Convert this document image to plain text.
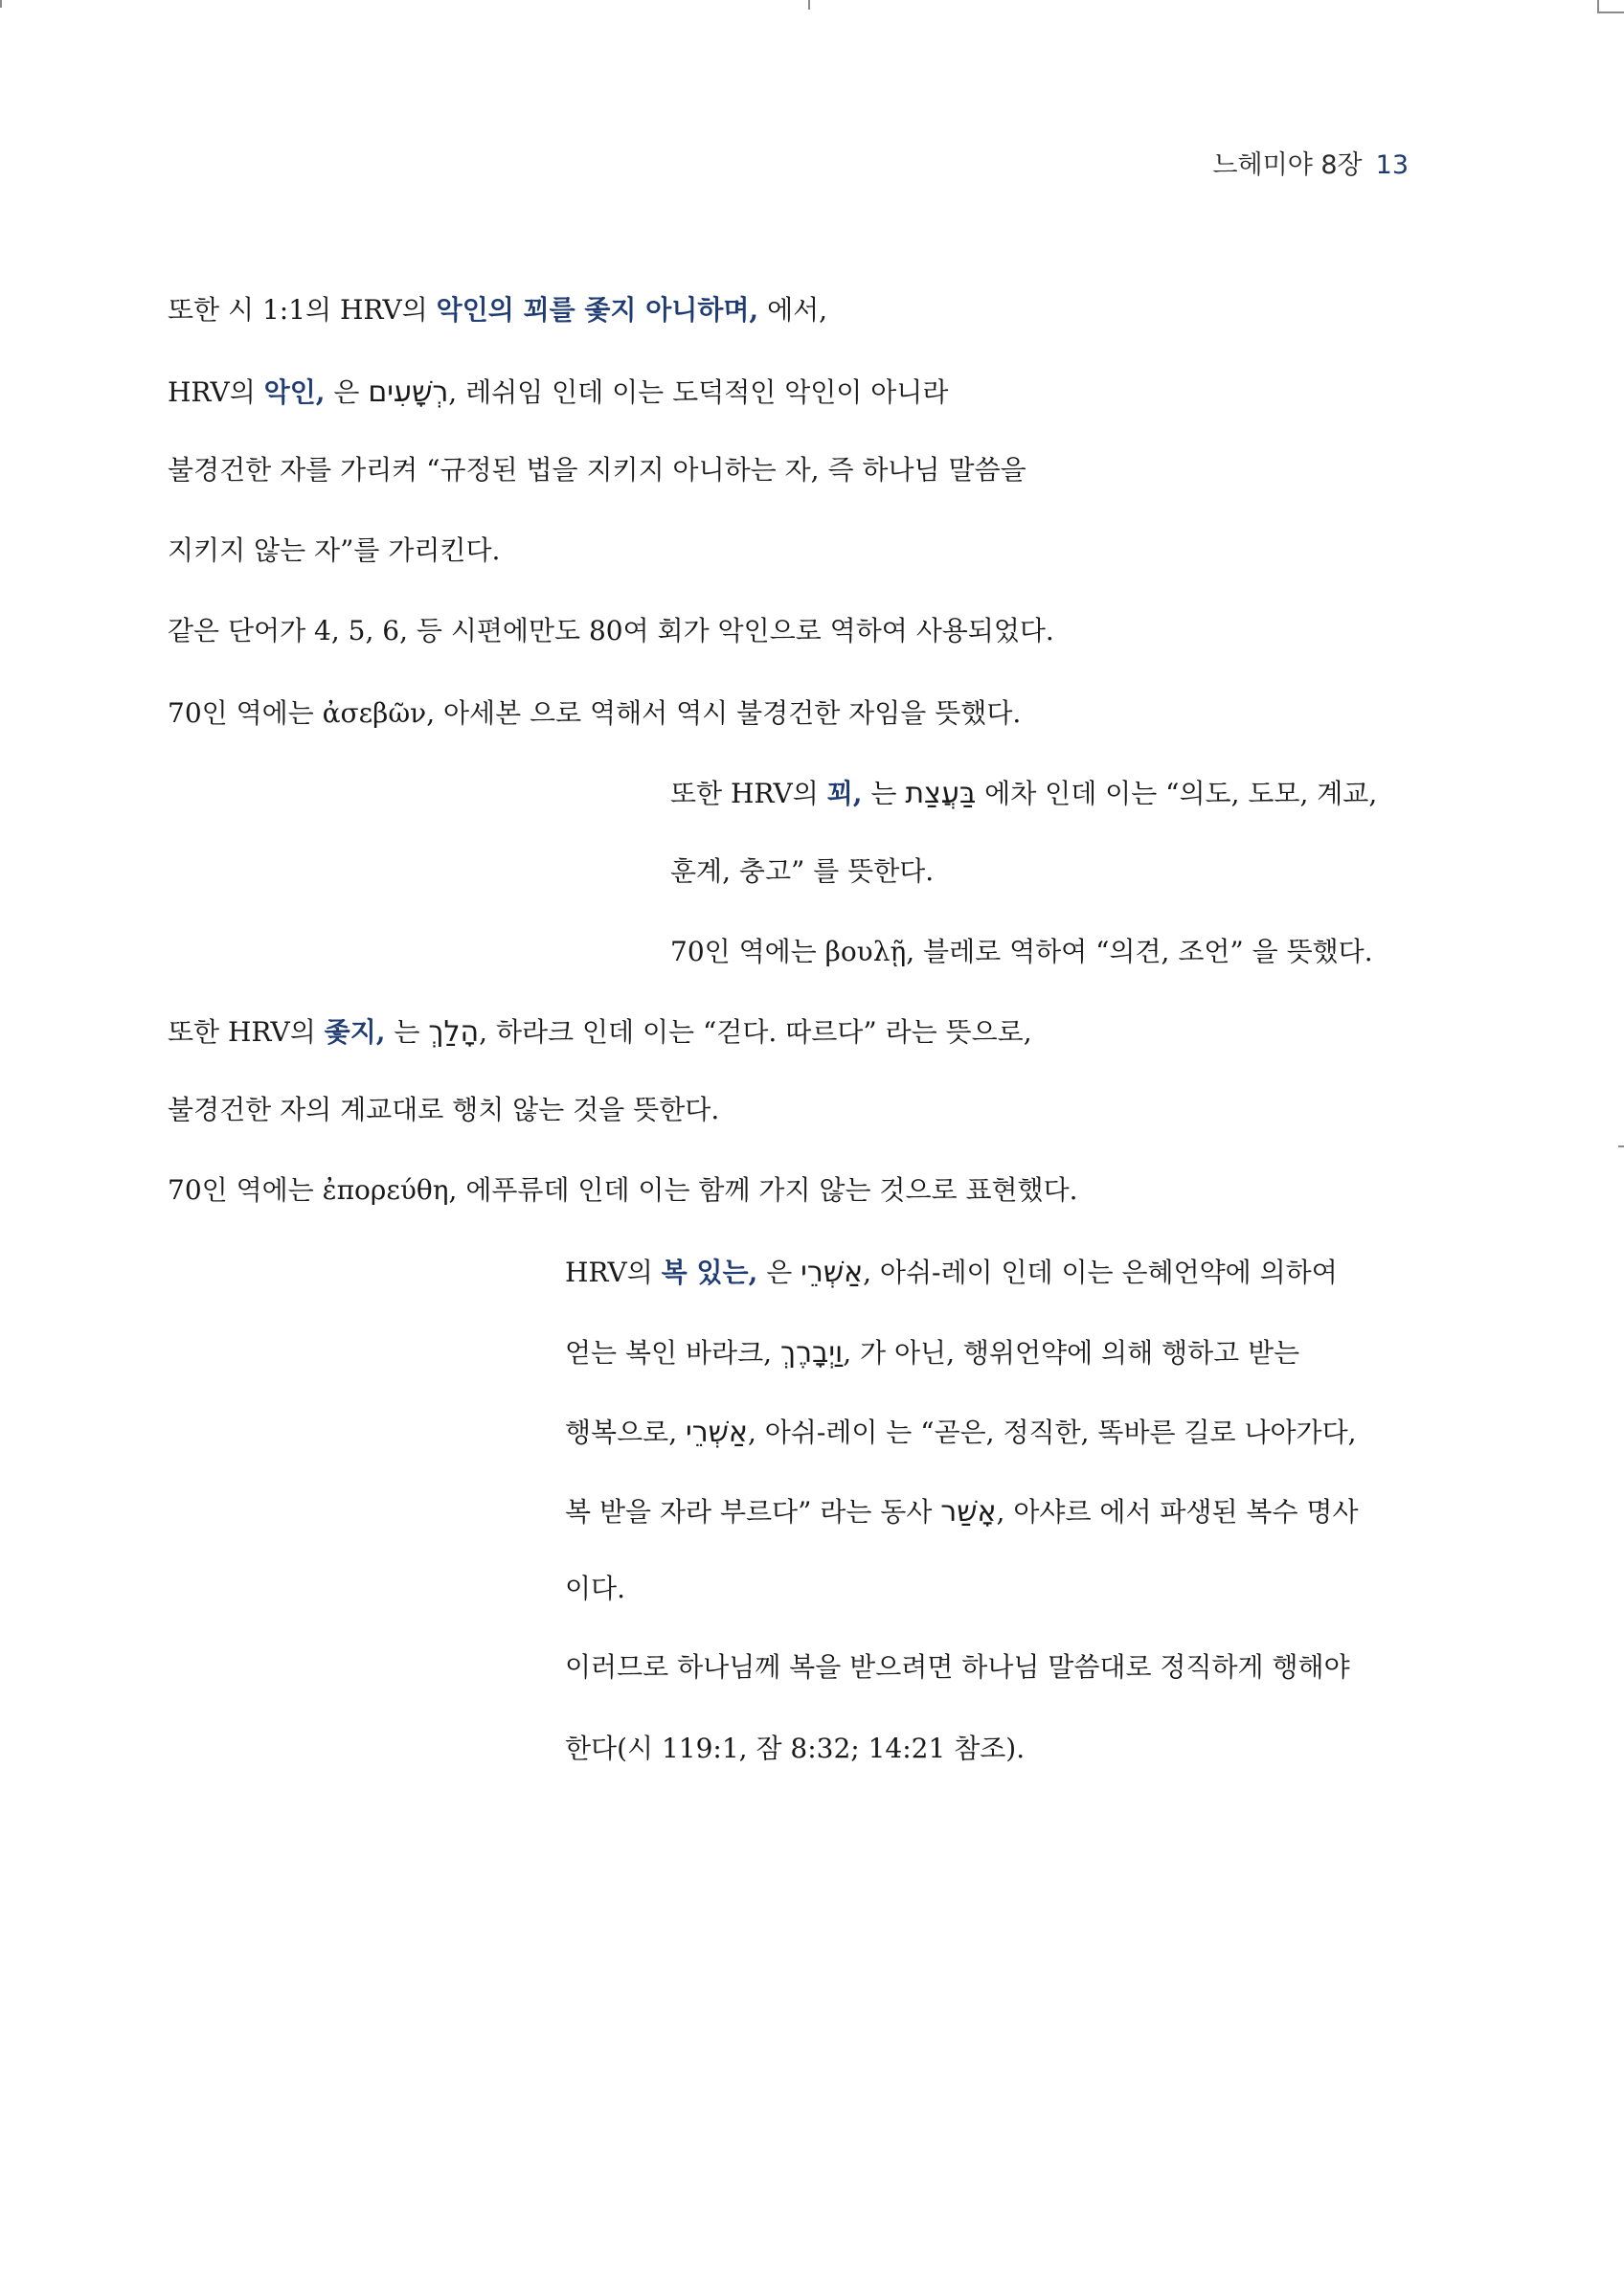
느헤미야 8장 13
또한 시 1:1의 HRV의 악인의 꾀를 좇지 아니하며, 에서,
HRV의 악인, 은 רְשָׁעִים, 레쉬임 인데 이는 도덕적인 악인이 아니라
불경건한 자를 가리켜 “규정된 법을 지키지 아니하는 자, 즉 하나님 말씀을
지키지 않는 자”를 가리킨다.
같은 단어가 4, 5, 6, 등 시편에만도 80여 회가 악인으로 역하여 사용되었다.
70인 역에는 ἀσεβῶν, 아세본 으로 역해서 역시 불경건한 자임을 뜻했다.
또한 HRV의 꾀, 는 בַּעֲצַת 에차 인데 이는 “의도, 도모, 계교,
훈계, 충고” 를 뜻한다.
70인 역에는 βουλῇ, 블레로 역하여 “의견, 조언” 을 뜻했다.
또한 HRV의 좇지, 는 הָלַךְ, 하라크 인데 이는 “걷다. 따르다” 라는 뜻으로,
불경건한 자의 계교대로 행치 않는 것을 뜻한다.
70인 역에는 ἐπορεύθη, 에푸류데 인데 이는 함께 가지 않는 것으로 표현했다.
HRV의 복 있는, 은 אַשְׁרֵי, 아쉬-레이 인데 이는 은혜언약에 의하여
얻는 복인 바라크, וַיְבָרֶךְ, 가 아닌, 행위언약에 의해 행하고 받는
행복으로, אַשְׁרֵי, 아쉬-레이 는 “곧은, 정직한, 똑바른 길로 나아가다,
복 받을 자라 부르다” 라는 동사 אָשַׁר, 아샤르 에서 파생된 복수 명사
이다.
이러므로 하나님께 복을 받으려면 하나님 말씀대로 정직하게 행해야
한다(시 119:1, 잠 8:32; 14:21 참조).
